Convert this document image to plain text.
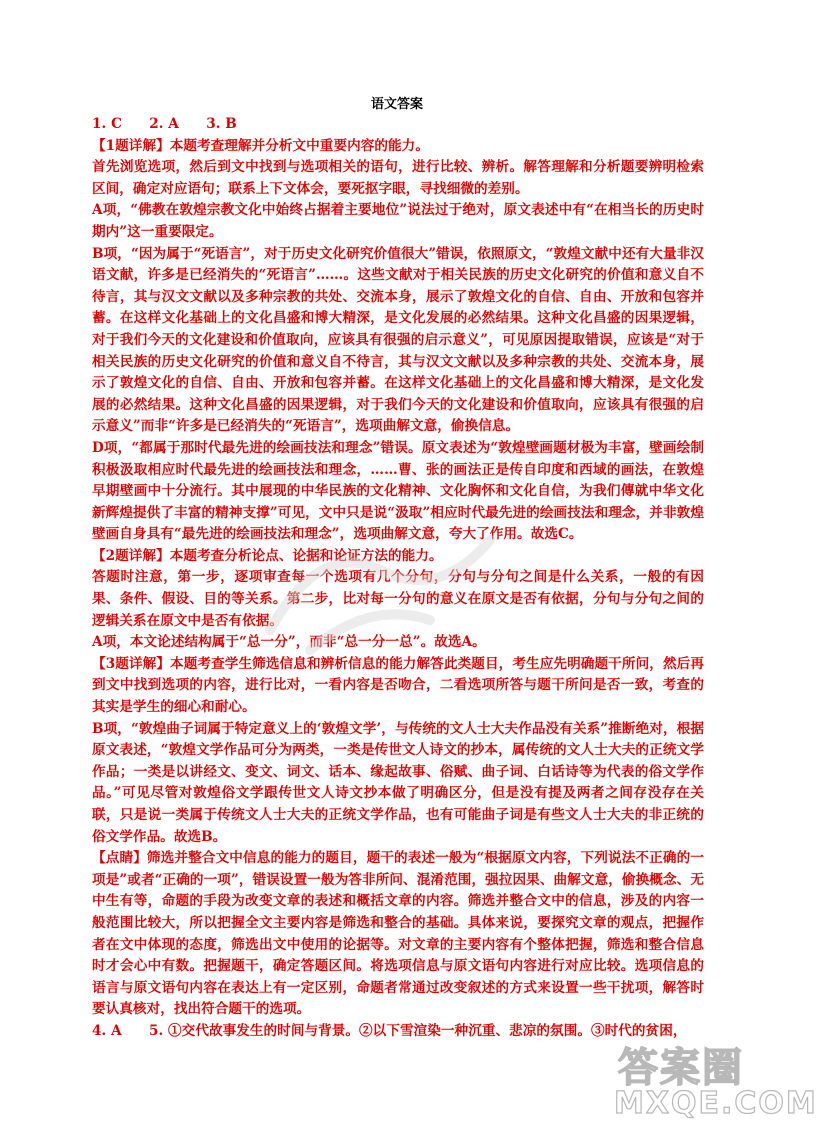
语文答案

1. C　　2. A　　3. B

【1题详解】本题考查理解并分析文中重要内容的能力。

首先浏览选项，然后到文中找到与选项相关的语句，进行比较、辨析。解答理解和分析题要辨明检索区间，确定对应语句；联系上下文体会，要死抠字眼，寻找细微的差别。

A项，“佛教在敦煌宗教文化中始终占据着主要地位”说法过于绝对，原文表述中有“在相当长的历史时期内”这一重要限定。

B项，“因为属于“死语言”，对于历史文化研究价值很大”错误，依照原文，“敦煌文献中还有大量非汉语文献，许多是已经消失的“死语言”……。这些文献对于相关民族的历史文化研究的价值和意义自不待言，其与汉文文献以及多种宗教的共处、交流本身，展示了敦煌文化的自信、自由、开放和包容并蓄。在这样文化基础上的文化昌盛和博大精深，是文化发展的必然结果。这种文化昌盛的因果逻辑，对于我们今天的文化建设和价值取向，应该具有很强的启示意义”，可见原因提取错误，应该是“对于相关民族的历史文化研究的价值和意义自不待言，其与汉文文献以及多种宗教的共处、交流本身，展示了敦煌文化的自信、自由、开放和包容并蓄。在这样文化基础上的文化昌盛和博大精深，是文化发展的必然结果。这种文化昌盛的因果逻辑，对于我们今天的文化建设和价值取向，应该具有很强的启示意义”而非“许多是已经消失的“死语言”，选项曲解文意，偷换信息。

D项，“都属于那时代最先进的绘画技法和理念”错误。原文表述为“敦煌壁画题材极为丰富，壁画绘制积极汲取相应时代最先进的绘画技法和理念，……曹、张的画法正是传自印度和西域的画法，在敦煌早期壁画中十分流行。其中展现的中华民族的文化精神、文化胸怀和文化自信，为我们傳就中华文化新辉煌提供了丰富的精神支撑”可见，文中只是说“汲取”相应时代最先进的绘画技法和理念，并非敦煌壁画自身具有“最先进的绘画技法和理念”，选项曲解文意，夸大了作用。故选C。

【2题详解】本题考查分析论点、论据和论证方法的能力。

答题时注意，第一步，逐项审查每一个选项有几个分句，分句与分句之间是什么关系，一般的有因果、条件、假设、目的等关系。第二步，比对每一分句的意义在原文是否有依据，分句与分句之间的逻辑关系在原文中是否有依据。

A项，本文论述结构属于“总一分”，而非“总一分一总”。故选A。

【3题详解】本题考查学生筛选信息和辨析信息的能力解答此类题目，考生应先明确题干所问，然后再到文中找到选项的内容，进行比对，一看内容是否吻合，二看选项所答与题干所问是否一致，考查的其实是学生的细心和耐心。

B项，“敦煌曲子词属于特定意义上的‘敦煌文学’，与传统的文人士大夫作品没有关系”推断绝对，根据原文表述，“敦煌文学作品可分为两类，一类是传世文人诗文的抄本，属传统的文人士大夫的正统文学作品；一类是以讲经文、变文、词文、话本、缘起故事、俗赋、曲子词、白话诗等为代表的俗文学作品。”可见尽管对敦煌俗文学跟传世文人诗文抄本做了明确区分，但是没有提及两者之间存没存在关联，只是说一类属于传统文人士大夫的正统文学作品，也有可能曲子词是有些文人士大夫的非正统的俗文学作品。故选B。

【点睛】筛选并整合文中信息的能力的题目，题干的表述一般为“根据原文内容，下列说法不正确的一项是”或者“正确的一项”，错误设置一般为答非所问、混淆范围，强拉因果、曲解文意，偷换概念、无中生有等，命题的手段为改变文章的表述和概括文章的内容。筛选并整合文中的信息，涉及的内容一般范围比较大，所以把握全文主要内容是筛选和整合的基础。具体来说，要探究文章的观点，把握作者在文中体现的态度，筛选出文中使用的论据等。对文章的主要内容有个整体把握，筛选和整合信息时才会心中有数。把握题干，确定答题区间。将选项信息与原文语句内容进行对应比较。选项信息的语言与原文语句内容在表达上有一定区别，命题者常通过改变叙述的方式来设置一些干扰项，解答时要认真核对，找出符合题干的选项。

4. A　　5. ①交代故事发生的时间与背景。②以下雪渲染一种沉重、悲凉的氛围。③时代的贫困，

答案圈
MXQE.COM
